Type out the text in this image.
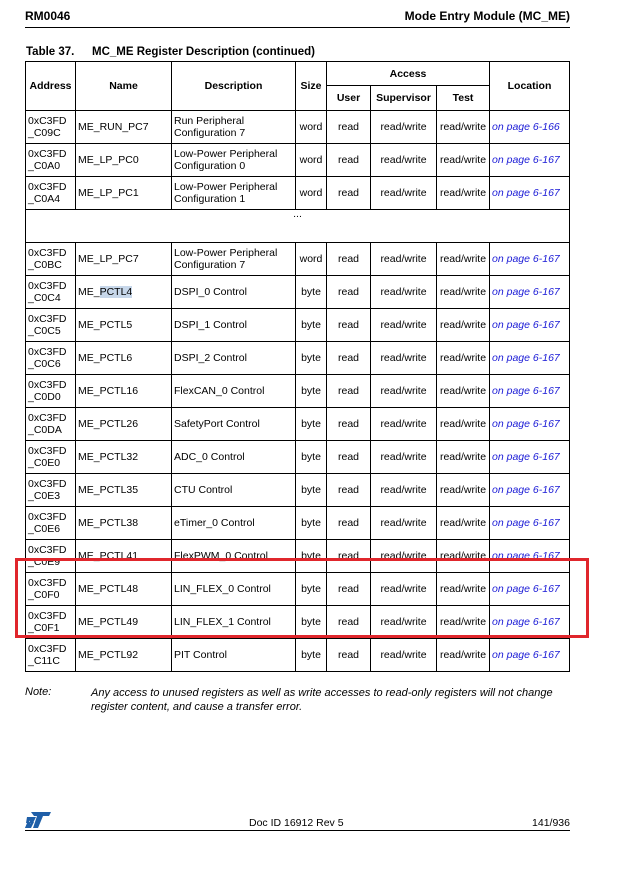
RM0046	Mode Entry Module (MC_ME)
Table 37. MC_ME Register Description (continued)
Address	Name	Description	Size	Access			Location
				User	Supervisor	Test	
0xC3FD _C09C	ME_RUN_PC7	Run Peripheral Configuration 7	word	read	read/write	read/write	on page 6-166
0xC3FD _C0A0	ME_LP_PC0	Low-Power Peripheral Configuration 0	word	read	read/write	read/write	on page 6-167
0xC3FD _C0A4	ME_LP_PC1	Low-Power Peripheral Configuration 1	word	read	read/write	read/write	on page 6-167
...							
0xC3FD _C0BC	ME_LP_PC7	Low-Power Peripheral Configuration 7	word	read	read/write	read/write	on page 6-167
0xC3FD _C0C4	ME_PCTL4	DSPI_0 Control	byte	read	read/write	read/write	on page 6-167
0xC3FD _C0C5	ME_PCTL5	DSPI_1 Control	byte	read	read/write	read/write	on page 6-167
0xC3FD _C0C6	ME_PCTL6	DSPI_2 Control	byte	read	read/write	read/write	on page 6-167
0xC3FD _C0D0	ME_PCTL16	FlexCAN_0 Control	byte	read	read/write	read/write	on page 6-167
0xC3FD _C0DA	ME_PCTL26	SafetyPort Control	byte	read	read/write	read/write	on page 6-167
0xC3FD _C0E0	ME_PCTL32	ADC_0 Control	byte	read	read/write	read/write	on page 6-167
0xC3FD _C0E3	ME_PCTL35	CTU Control	byte	read	read/write	read/write	on page 6-167
0xC3FD _C0E6	ME_PCTL38	eTimer_0 Control	byte	read	read/write	read/write	on page 6-167
0xC3FD _C0E9	ME_PCTL41	FlexPWM_0 Control	byte	read	read/write	read/write	on page 6-167
0xC3FD _C0F0	ME_PCTL48	LIN_FLEX_0 Control	byte	read	read/write	read/write	on page 6-167
0xC3FD _C0F1	ME_PCTL49	LIN_FLEX_1 Control	byte	read	read/write	read/write	on page 6-167
0xC3FD _C11C	ME_PCTL92	PIT Control	byte	read	read/write	read/write	on page 6-167
Note:	Any access to unused registers as well as write accesses to read-only registers will not change register content, and cause a transfer error.
Doc ID 16912 Rev 5	141/936
